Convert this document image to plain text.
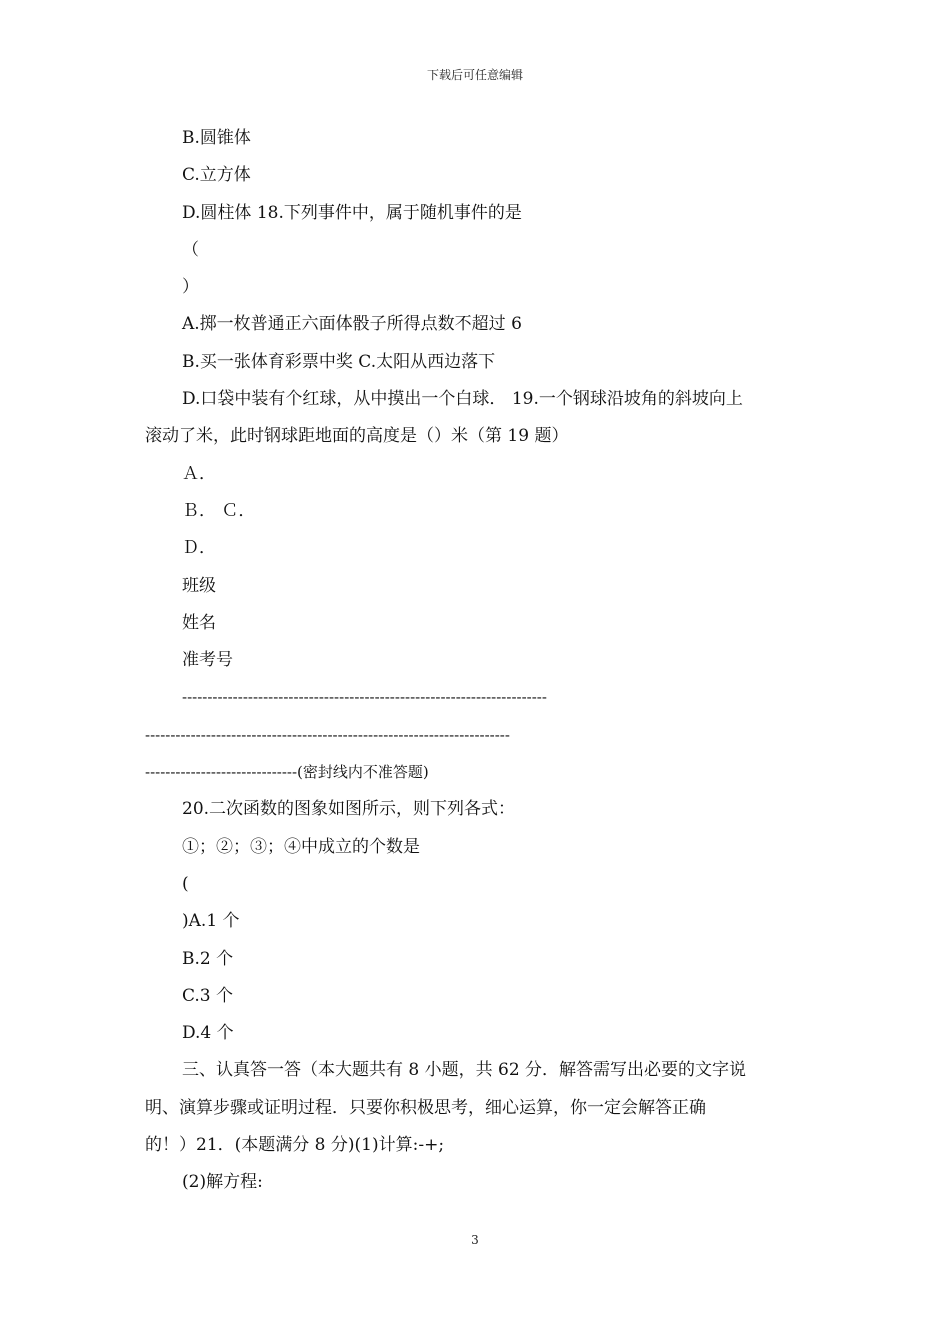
下载后可任意编辑

B.圆锥体

C.立方体

D.圆柱体 18.下列事件中，属于随机事件的是

（

）

A.掷一枚普通正六面体骰子所得点数不超过 6

B.买一张体育彩票中奖 C.太阳从西边落下

D.口袋中装有个红球，从中摸出一个白球． 19.一个钢球沿坡角的斜坡向上

滚动了米，此时钢球距地面的高度是（）米（第 19 题）

Ａ．

Ｂ． Ｃ．

Ｄ．

班级

姓名

准考号

------------------------------------------------------------------------

------------------------------------------------------------------------

------------------------------(密封线内不准答题)

20.二次函数的图象如图所示，则下列各式：

①；②；③；④中成立的个数是

(

)A.1 个

B.2 个

C.3 个

D.4 个

三、认真答一答（本大题共有 8 小题，共 62 分．解答需写出必要的文字说

明、演算步骤或证明过程．只要你积极思考，细心运算，你一定会解答正确

的！）21．(本题满分 8 分)(1)计算:-+;

(2)解方程:

3
